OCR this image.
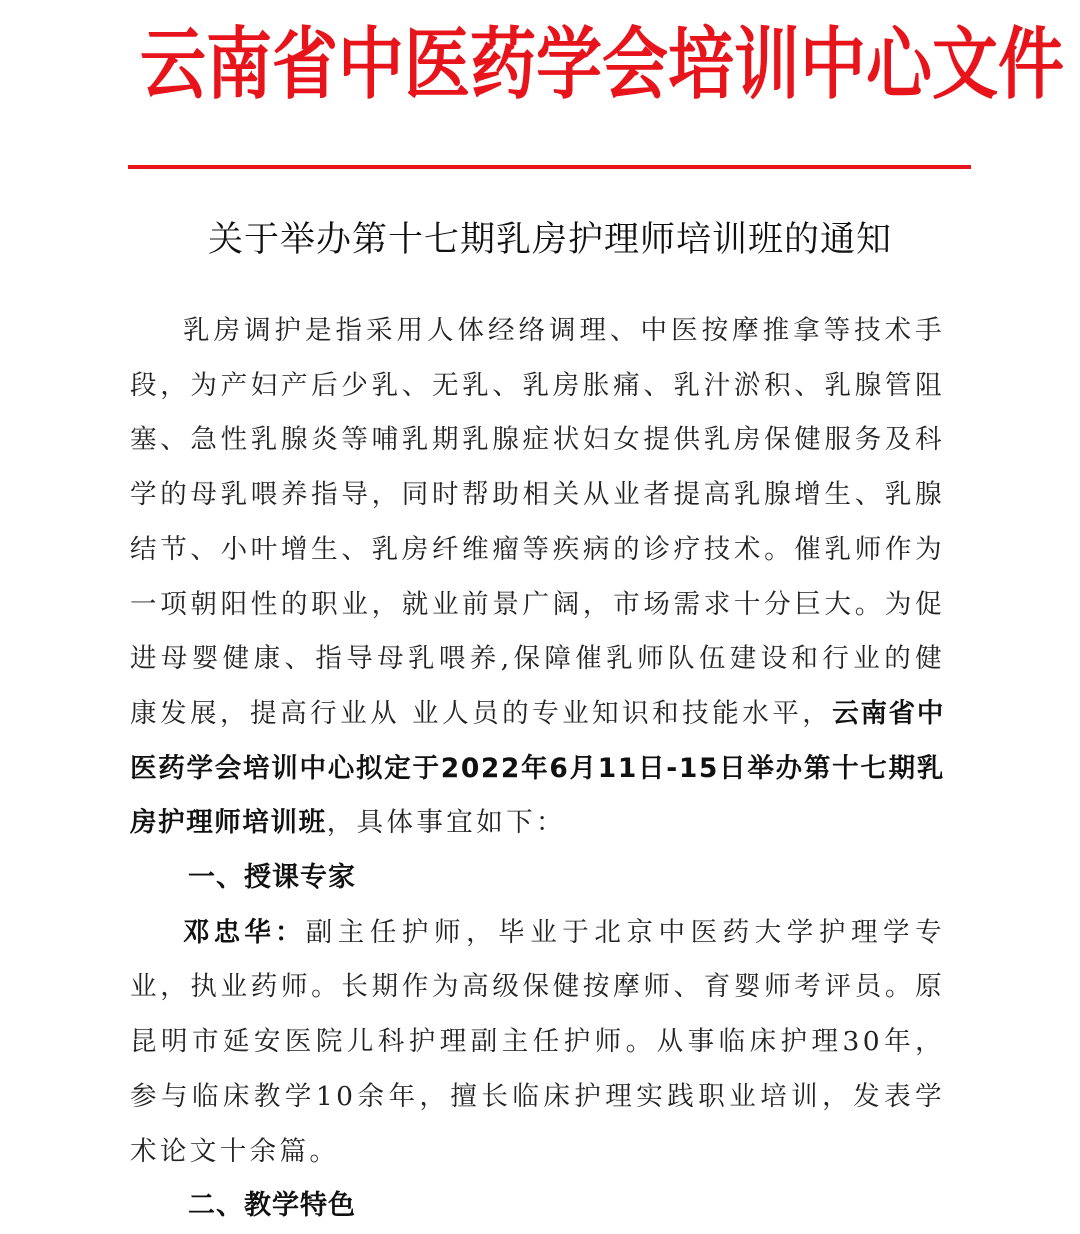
云 南 省 中 医 药 学 会 培 训 中 心 文 件
关于举办第十七期乳房护理师培训班的通知

乳房调护是指采用人体经络调理、中医按摩推拿等技术手段，为产妇产后少乳、无乳、乳房胀痛、乳汁淤积、乳腺管阻塞、急性乳腺炎等哺乳期乳腺症状妇女提供乳房保健服务及科学的母乳喂养指导，同时帮助相关从业者提高乳腺增生、乳腺结节、小叶增生、乳房纤维瘤等疾病的诊疗技术。催乳师作为一项朝阳性的职业，就业前景广阔，市场需求十分巨大。为促进母婴健康、指导母乳喂养,保障催乳师队伍建设和行业的健康发展，提高行业从 业人员的专业知识和技能水平，云南省中医药学会培训中心拟定于2022年6月11日-15日举办第十七期乳房护理师培训班，具体事宜如下：

一、授课专家

邓忠华：副主任护师，毕业于北京中医药大学护理学专业，执业药师。长期作为高级保健按摩师、育婴师考评员。原昆明市延安医院儿科护理副主任护师。从事临床护理30年，参与临床教学10余年，擅长临床护理实践职业培训，发表学术论文十余篇。

二、教学特色
